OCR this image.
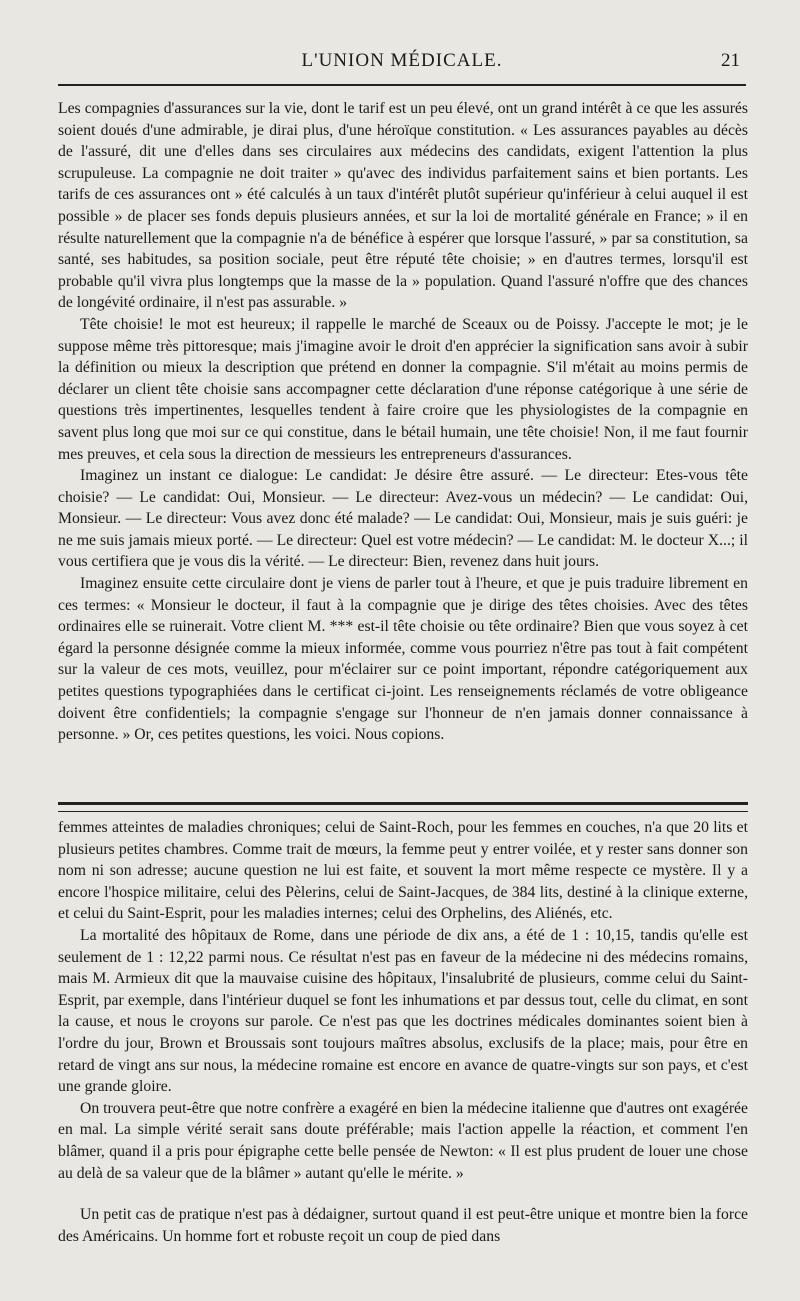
L'UNION MÉDICALE.	21

Les compagnies d'assurances sur la vie, dont le tarif est un peu élevé, ont un grand intérêt à ce que les assurés soient doués d'une admirable, je dirai plus, d'une héroïque constitution. « Les assurances payables au décès de l'assuré, dit une d'elles dans ses circulaires aux médecins des candidats, exigent l'attention la plus scrupuleuse. La compagnie ne doit traiter » qu'avec des individus parfaitement sains et bien portants. Les tarifs de ces assurances ont » été calculés à un taux d'intérêt plutôt supérieur qu'inférieur à celui auquel il est possible » de placer ses fonds depuis plusieurs années, et sur la loi de mortalité générale en France; » il en résulte naturellement que la compagnie n'a de bénéfice à espérer que lorsque l'assuré, » par sa constitution, sa santé, ses habitudes, sa position sociale, peut être réputé tête choisie; » en d'autres termes, lorsqu'il est probable qu'il vivra plus longtemps que la masse de la » population. Quand l'assuré n'offre que des chances de longévité ordinaire, il n'est pas assurable. »

Tête choisie! le mot est heureux; il rappelle le marché de Sceaux ou de Poissy. J'accepte le mot; je le suppose même très pittoresque; mais j'imagine avoir le droit d'en apprécier la signification sans avoir à subir la définition ou mieux la description que prétend en donner la compagnie. S'il m'était au moins permis de déclarer un client tête choisie sans accompagner cette déclaration d'une réponse catégorique à une série de questions très impertinentes, lesquelles tendent à faire croire que les physiologistes de la compagnie en savent plus long que moi sur ce qui constitue, dans le bétail humain, une tête choisie! Non, il me faut fournir mes preuves, et cela sous la direction de messieurs les entrepreneurs d'assurances.

Imaginez un instant ce dialogue: Le candidat: Je désire être assuré. — Le directeur: Etes-vous tête choisie? — Le candidat: Oui, Monsieur. — Le directeur: Avez-vous un médecin? — Le candidat: Oui, Monsieur. — Le directeur: Vous avez donc été malade? — Le candidat: Oui, Monsieur, mais je suis guéri: je ne me suis jamais mieux porté. — Le directeur: Quel est votre médecin? — Le candidat: M. le docteur X...; il vous certifiera que je vous dis la vérité. — Le directeur: Bien, revenez dans huit jours.

Imaginez ensuite cette circulaire dont je viens de parler tout à l'heure, et que je puis traduire librement en ces termes: « Monsieur le docteur, il faut à la compagnie que je dirige des têtes choisies. Avec des têtes ordinaires elle se ruinerait. Votre client M. *** est-il tête choisie ou tête ordinaire? Bien que vous soyez à cet égard la personne désignée comme la mieux informée, comme vous pourriez n'être pas tout à fait compétent sur la valeur de ces mots, veuillez, pour m'éclairer sur ce point important, répondre catégoriquement aux petites questions typographiées dans le certificat ci-joint. Les renseignements réclamés de votre obligeance doivent être confidentiels; la compagnie s'engage sur l'honneur de n'en jamais donner connaissance à personne. » Or, ces petites questions, les voici. Nous copions.

femmes atteintes de maladies chroniques; celui de Saint-Roch, pour les femmes en couches, n'a que 20 lits et plusieurs petites chambres. Comme trait de mœurs, la femme peut y entrer voilée, et y rester sans donner son nom ni son adresse; aucune question ne lui est faite, et souvent la mort même respecte ce mystère. Il y a encore l'hospice militaire, celui des Pèlerins, celui de Saint-Jacques, de 384 lits, destiné à la clinique externe, et celui du Saint-Esprit, pour les maladies internes; celui des Orphelins, des Aliénés, etc.

La mortalité des hôpitaux de Rome, dans une période de dix ans, a été de 1 : 10,15, tandis qu'elle est seulement de 1 : 12,22 parmi nous. Ce résultat n'est pas en faveur de la médecine ni des médecins romains, mais M. Armieux dit que la mauvaise cuisine des hôpitaux, l'insalubrité de plusieurs, comme celui du Saint-Esprit, par exemple, dans l'intérieur duquel se font les inhumations et par dessus tout, celle du climat, en sont la cause, et nous le croyons sur parole. Ce n'est pas que les doctrines médicales dominantes soient bien à l'ordre du jour, Brown et Broussais sont toujours maîtres absolus, exclusifs de la place; mais, pour être en retard de vingt ans sur nous, la médecine romaine est encore en avance de quatre-vingts sur son pays, et c'est une grande gloire.

On trouvera peut-être que notre confrère a exagéré en bien la médecine italienne que d'autres ont exagérée en mal. La simple vérité serait sans doute préférable; mais l'action appelle la réaction, et comment l'en blâmer, quand il a pris pour épigraphe cette belle pensée de Newton: « Il est plus prudent de louer une chose au delà de sa valeur que de la blâmer » autant qu'elle le mérite. »

Un petit cas de pratique n'est pas à dédaigner, surtout quand il est peut-être unique et montre bien la force des Américains. Un homme fort et robuste reçoit un coup de pied dans
